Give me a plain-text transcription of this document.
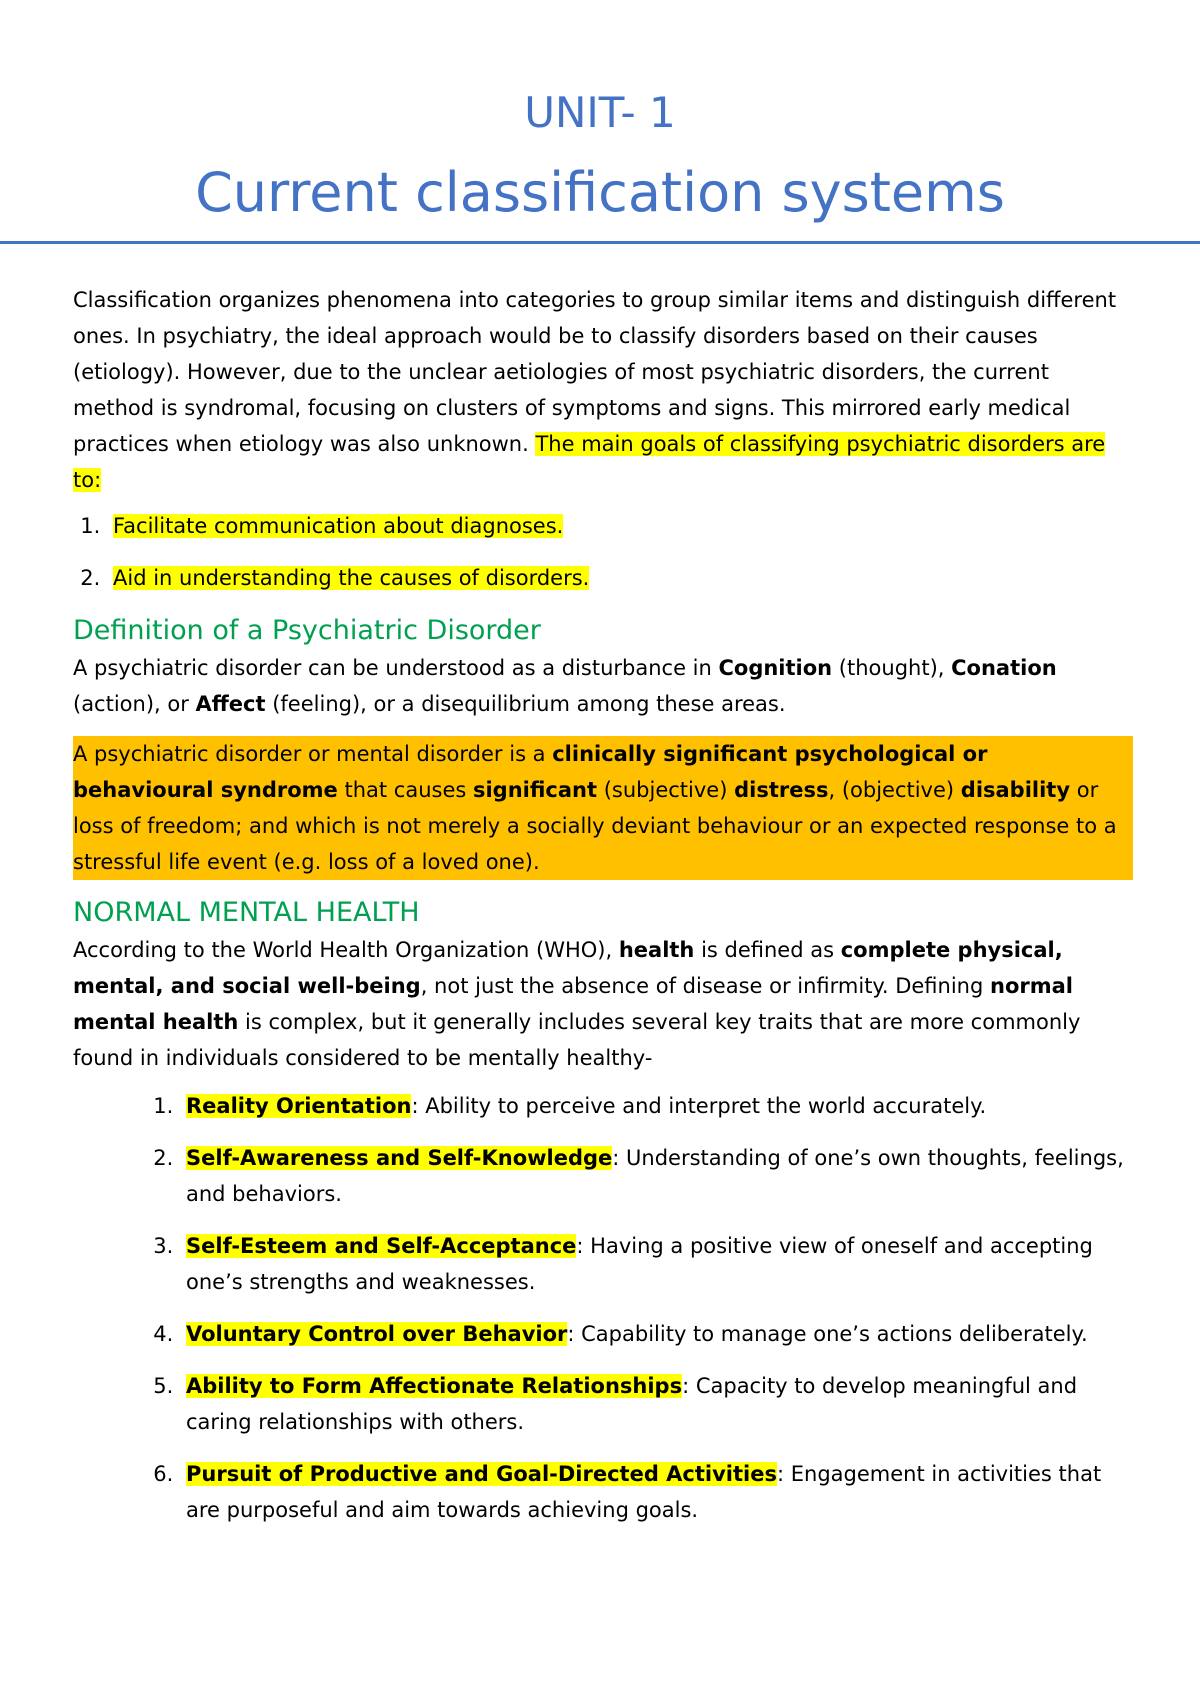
UNIT- 1
Current classification systems

Classification organizes phenomena into categories to group similar items and distinguish different ones. In psychiatry, the ideal approach would be to classify disorders based on their causes (etiology). However, due to the unclear aetiologies of most psychiatric disorders, the current method is syndromal, focusing on clusters of symptoms and signs. This mirrored early medical practices when etiology was also unknown. The main goals of classifying psychiatric disorders are to:

1. Facilitate communication about diagnoses.
2. Aid in understanding the causes of disorders.
Definition of a Psychiatric Disorder

A psychiatric disorder can be understood as a disturbance in Cognition (thought), Conation (action), or Affect (feeling), or a disequilibrium among these areas.

A psychiatric disorder or mental disorder is a clinically significant psychological or behavioural syndrome that causes significant (subjective) distress, (objective) disability or loss of freedom; and which is not merely a socially deviant behaviour or an expected response to a stressful life event (e.g. loss of a loved one).

NORMAL MENTAL HEALTH

According to the World Health Organization (WHO), health is defined as complete physical, mental, and social well-being, not just the absence of disease or infirmity. Defining normal mental health is complex, but it generally includes several key traits that are more commonly found in individuals considered to be mentally healthy-

1. Reality Orientation: Ability to perceive and interpret the world accurately.
2. Self-Awareness and Self-Knowledge: Understanding of one’s own thoughts, feelings, and behaviors.
3. Self-Esteem and Self-Acceptance: Having a positive view of oneself and accepting one’s strengths and weaknesses.
4. Voluntary Control over Behavior: Capability to manage one’s actions deliberately.
5. Ability to Form Affectionate Relationships: Capacity to develop meaningful and caring relationships with others.
6. Pursuit of Productive and Goal-Directed Activities: Engagement in activities that are purposeful and aim towards achieving goals.
